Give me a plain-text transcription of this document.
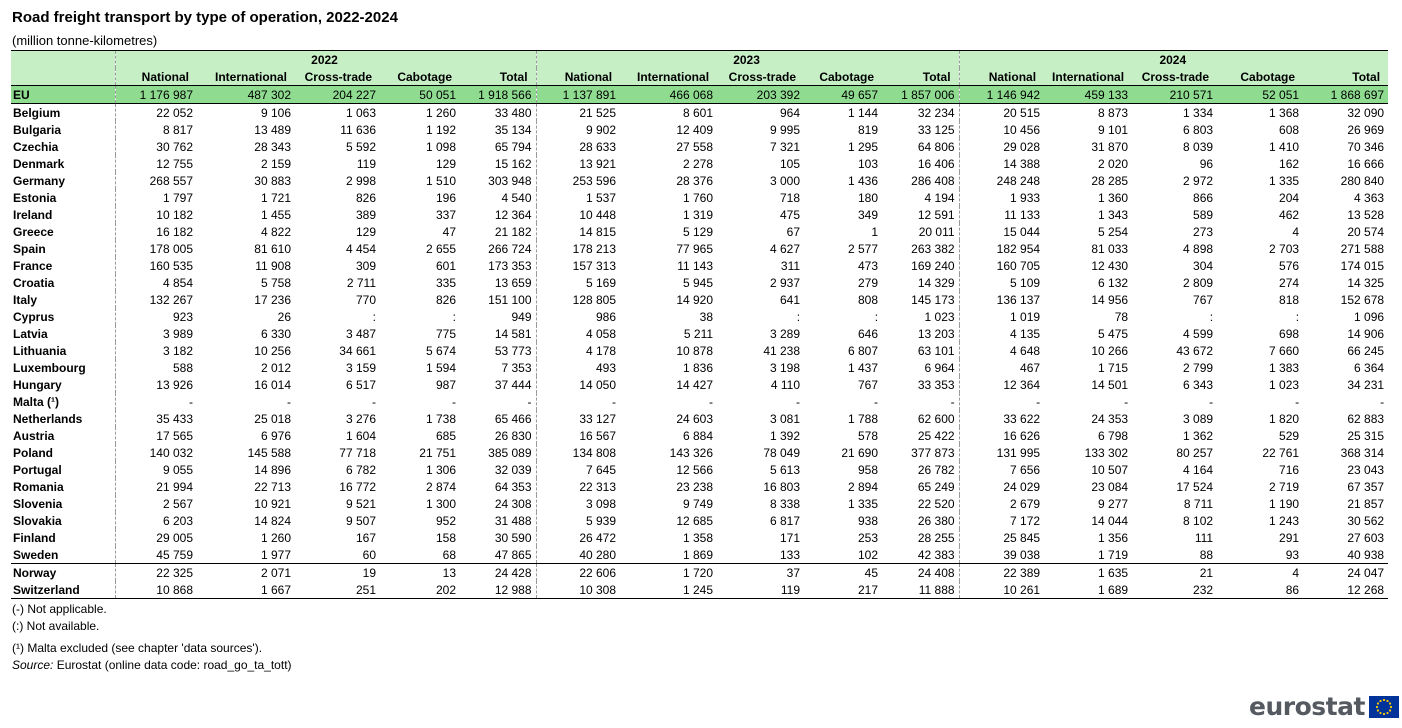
Road freight transport by type of operation, 2022-2024
(million tonne-kilometres)
	2022					2023					2024				
	National	International	Cross-trade	Cabotage	Total	National	International	Cross-trade	Cabotage	Total	National	International	Cross-trade	Cabotage	Total
EU	1 176 987	487 302	204 227	50 051	1 918 566	1 137 891	466 068	203 392	49 657	1 857 006	1 146 942	459 133	210 571	52 051	1 868 697
Belgium	22 052	9 106	1 063	1 260	33 480	21 525	8 601	964	1 144	32 234	20 515	8 873	1 334	1 368	32 090
Bulgaria	8 817	13 489	11 636	1 192	35 134	9 902	12 409	9 995	819	33 125	10 456	9 101	6 803	608	26 969
Czechia	30 762	28 343	5 592	1 098	65 794	28 633	27 558	7 321	1 295	64 806	29 028	31 870	8 039	1 410	70 346
Denmark	12 755	2 159	119	129	15 162	13 921	2 278	105	103	16 406	14 388	2 020	96	162	16 666
Germany	268 557	30 883	2 998	1 510	303 948	253 596	28 376	3 000	1 436	286 408	248 248	28 285	2 972	1 335	280 840
Estonia	1 797	1 721	826	196	4 540	1 537	1 760	718	180	4 194	1 933	1 360	866	204	4 363
Ireland	10 182	1 455	389	337	12 364	10 448	1 319	475	349	12 591	11 133	1 343	589	462	13 528
Greece	16 182	4 822	129	47	21 182	14 815	5 129	67	1	20 011	15 044	5 254	273	4	20 574
Spain	178 005	81 610	4 454	2 655	266 724	178 213	77 965	4 627	2 577	263 382	182 954	81 033	4 898	2 703	271 588
France	160 535	11 908	309	601	173 353	157 313	11 143	311	473	169 240	160 705	12 430	304	576	174 015
Croatia	4 854	5 758	2 711	335	13 659	5 169	5 945	2 937	279	14 329	5 109	6 132	2 809	274	14 325
Italy	132 267	17 236	770	826	151 100	128 805	14 920	641	808	145 173	136 137	14 956	767	818	152 678
Cyprus	923	26	:	:	949	986	38	:	:	1 023	1 019	78	:	:	1 096
Latvia	3 989	6 330	3 487	775	14 581	4 058	5 211	3 289	646	13 203	4 135	5 475	4 599	698	14 906
Lithuania	3 182	10 256	34 661	5 674	53 773	4 178	10 878	41 238	6 807	63 101	4 648	10 266	43 672	7 660	66 245
Luxembourg	588	2 012	3 159	1 594	7 353	493	1 836	3 198	1 437	6 964	467	1 715	2 799	1 383	6 364
Hungary	13 926	16 014	6 517	987	37 444	14 050	14 427	4 110	767	33 353	12 364	14 501	6 343	1 023	34 231
Malta (¹)	-	-	-	-	-	-	-	-	-	-	-	-	-	-	-
Netherlands	35 433	25 018	3 276	1 738	65 466	33 127	24 603	3 081	1 788	62 600	33 622	24 353	3 089	1 820	62 883
Austria	17 565	6 976	1 604	685	26 830	16 567	6 884	1 392	578	25 422	16 626	6 798	1 362	529	25 315
Poland	140 032	145 588	77 718	21 751	385 089	134 808	143 326	78 049	21 690	377 873	131 995	133 302	80 257	22 761	368 314
Portugal	9 055	14 896	6 782	1 306	32 039	7 645	12 566	5 613	958	26 782	7 656	10 507	4 164	716	23 043
Romania	21 994	22 713	16 772	2 874	64 353	22 313	23 238	16 803	2 894	65 249	24 029	23 084	17 524	2 719	67 357
Slovenia	2 567	10 921	9 521	1 300	24 308	3 098	9 749	8 338	1 335	22 520	2 679	9 277	8 711	1 190	21 857
Slovakia	6 203	14 824	9 507	952	31 488	5 939	12 685	6 817	938	26 380	7 172	14 044	8 102	1 243	30 562
Finland	29 005	1 260	167	158	30 590	26 472	1 358	171	253	28 255	25 845	1 356	111	291	27 603
Sweden	45 759	1 977	60	68	47 865	40 280	1 869	133	102	42 383	39 038	1 719	88	93	40 938
Norway	22 325	2 071	19	13	24 428	22 606	1 720	37	45	24 408	22 389	1 635	21	4	24 047
Switzerland	10 868	1 667	251	202	12 988	10 308	1 245	119	217	11 888	10 261	1 689	232	86	12 268
(-) Not applicable.
(:) Not available.
(¹) Malta excluded (see chapter 'data sources').
Source: Eurostat (online data code: road_go_ta_tott)
eurostat
